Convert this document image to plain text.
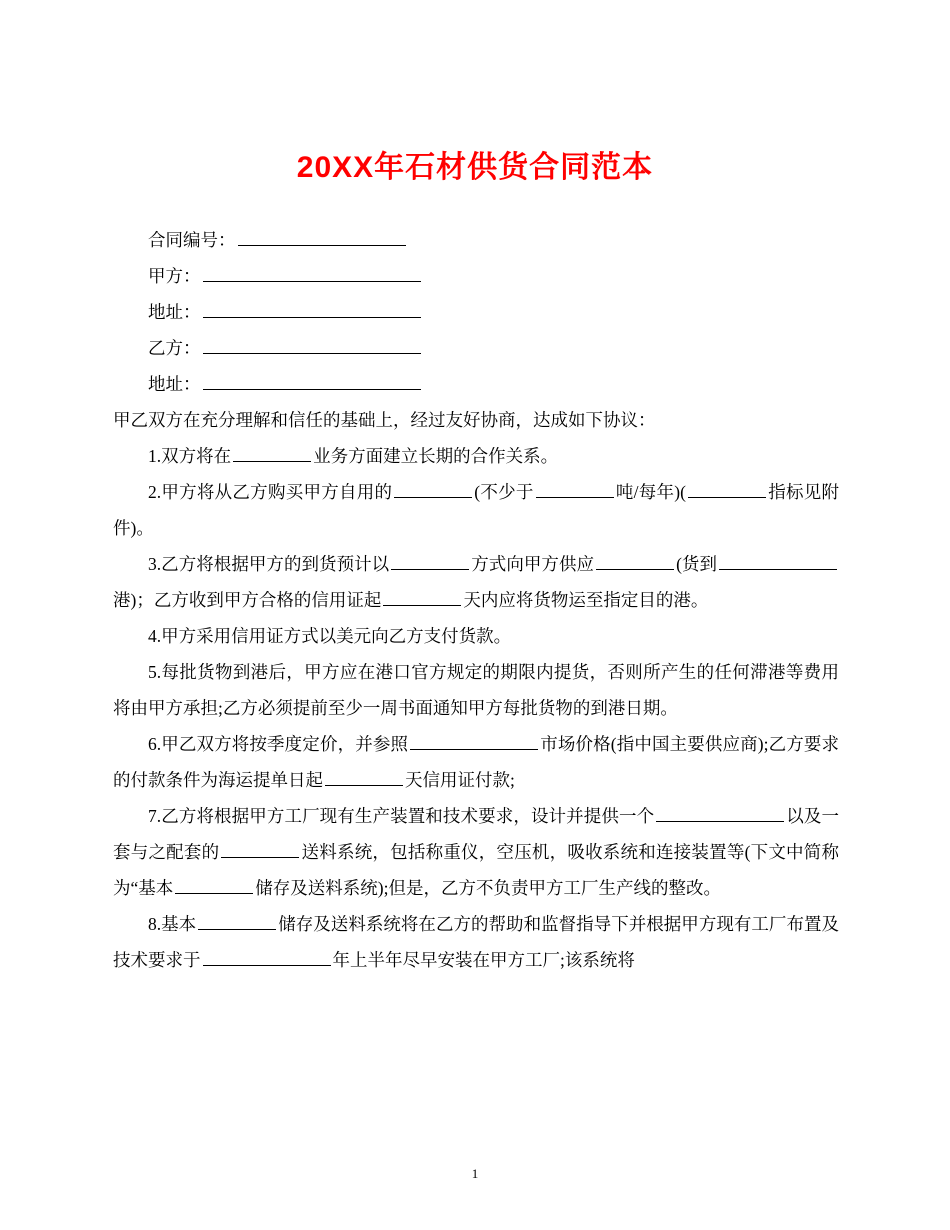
20XX年石材供货合同范本

合同编号：

甲方：

地址：

乙方：

地址：

甲乙双方在充分理解和信任的基础上，经过友好协商，达成如下协议：

1.双方将在	业务方面建立长期的合作关系。

2.甲方将从乙方购买甲方自用的	(不少于	吨/每年)(	指标见附件)。

3.乙方将根据甲方的到货预计以	方式向甲方供应	(货到港)；乙方收到甲方合格的信用证起	天内应将货物运至指定目的港。

4.甲方采用信用证方式以美元向乙方支付货款。

5.每批货物到港后，甲方应在港口官方规定的期限内提货，否则所产生的任何滞港等费用将由甲方承担;乙方必须提前至少一周书面通知甲方每批货物的到港日期。

6.甲乙双方将按季度定价，并参照	市场价格(指中国主要供应商);乙方要求的付款条件为海运提单日起	天信用证付款;

7.乙方将根据甲方工厂现有生产装置和技术要求，设计并提供一个	以及一套与之配套的	送料系统，包括称重仪，空压机，吸收系统和连接装置等(下文中简称为“基本	储存及送料系统);但是，乙方不负责甲方工厂生产线的整改。

8.基本	储存及送料系统将在乙方的帮助和监督指导下并根据甲方现有工厂布置及技术要求于	年上半年尽早安装在甲方工厂;该系统将

1
